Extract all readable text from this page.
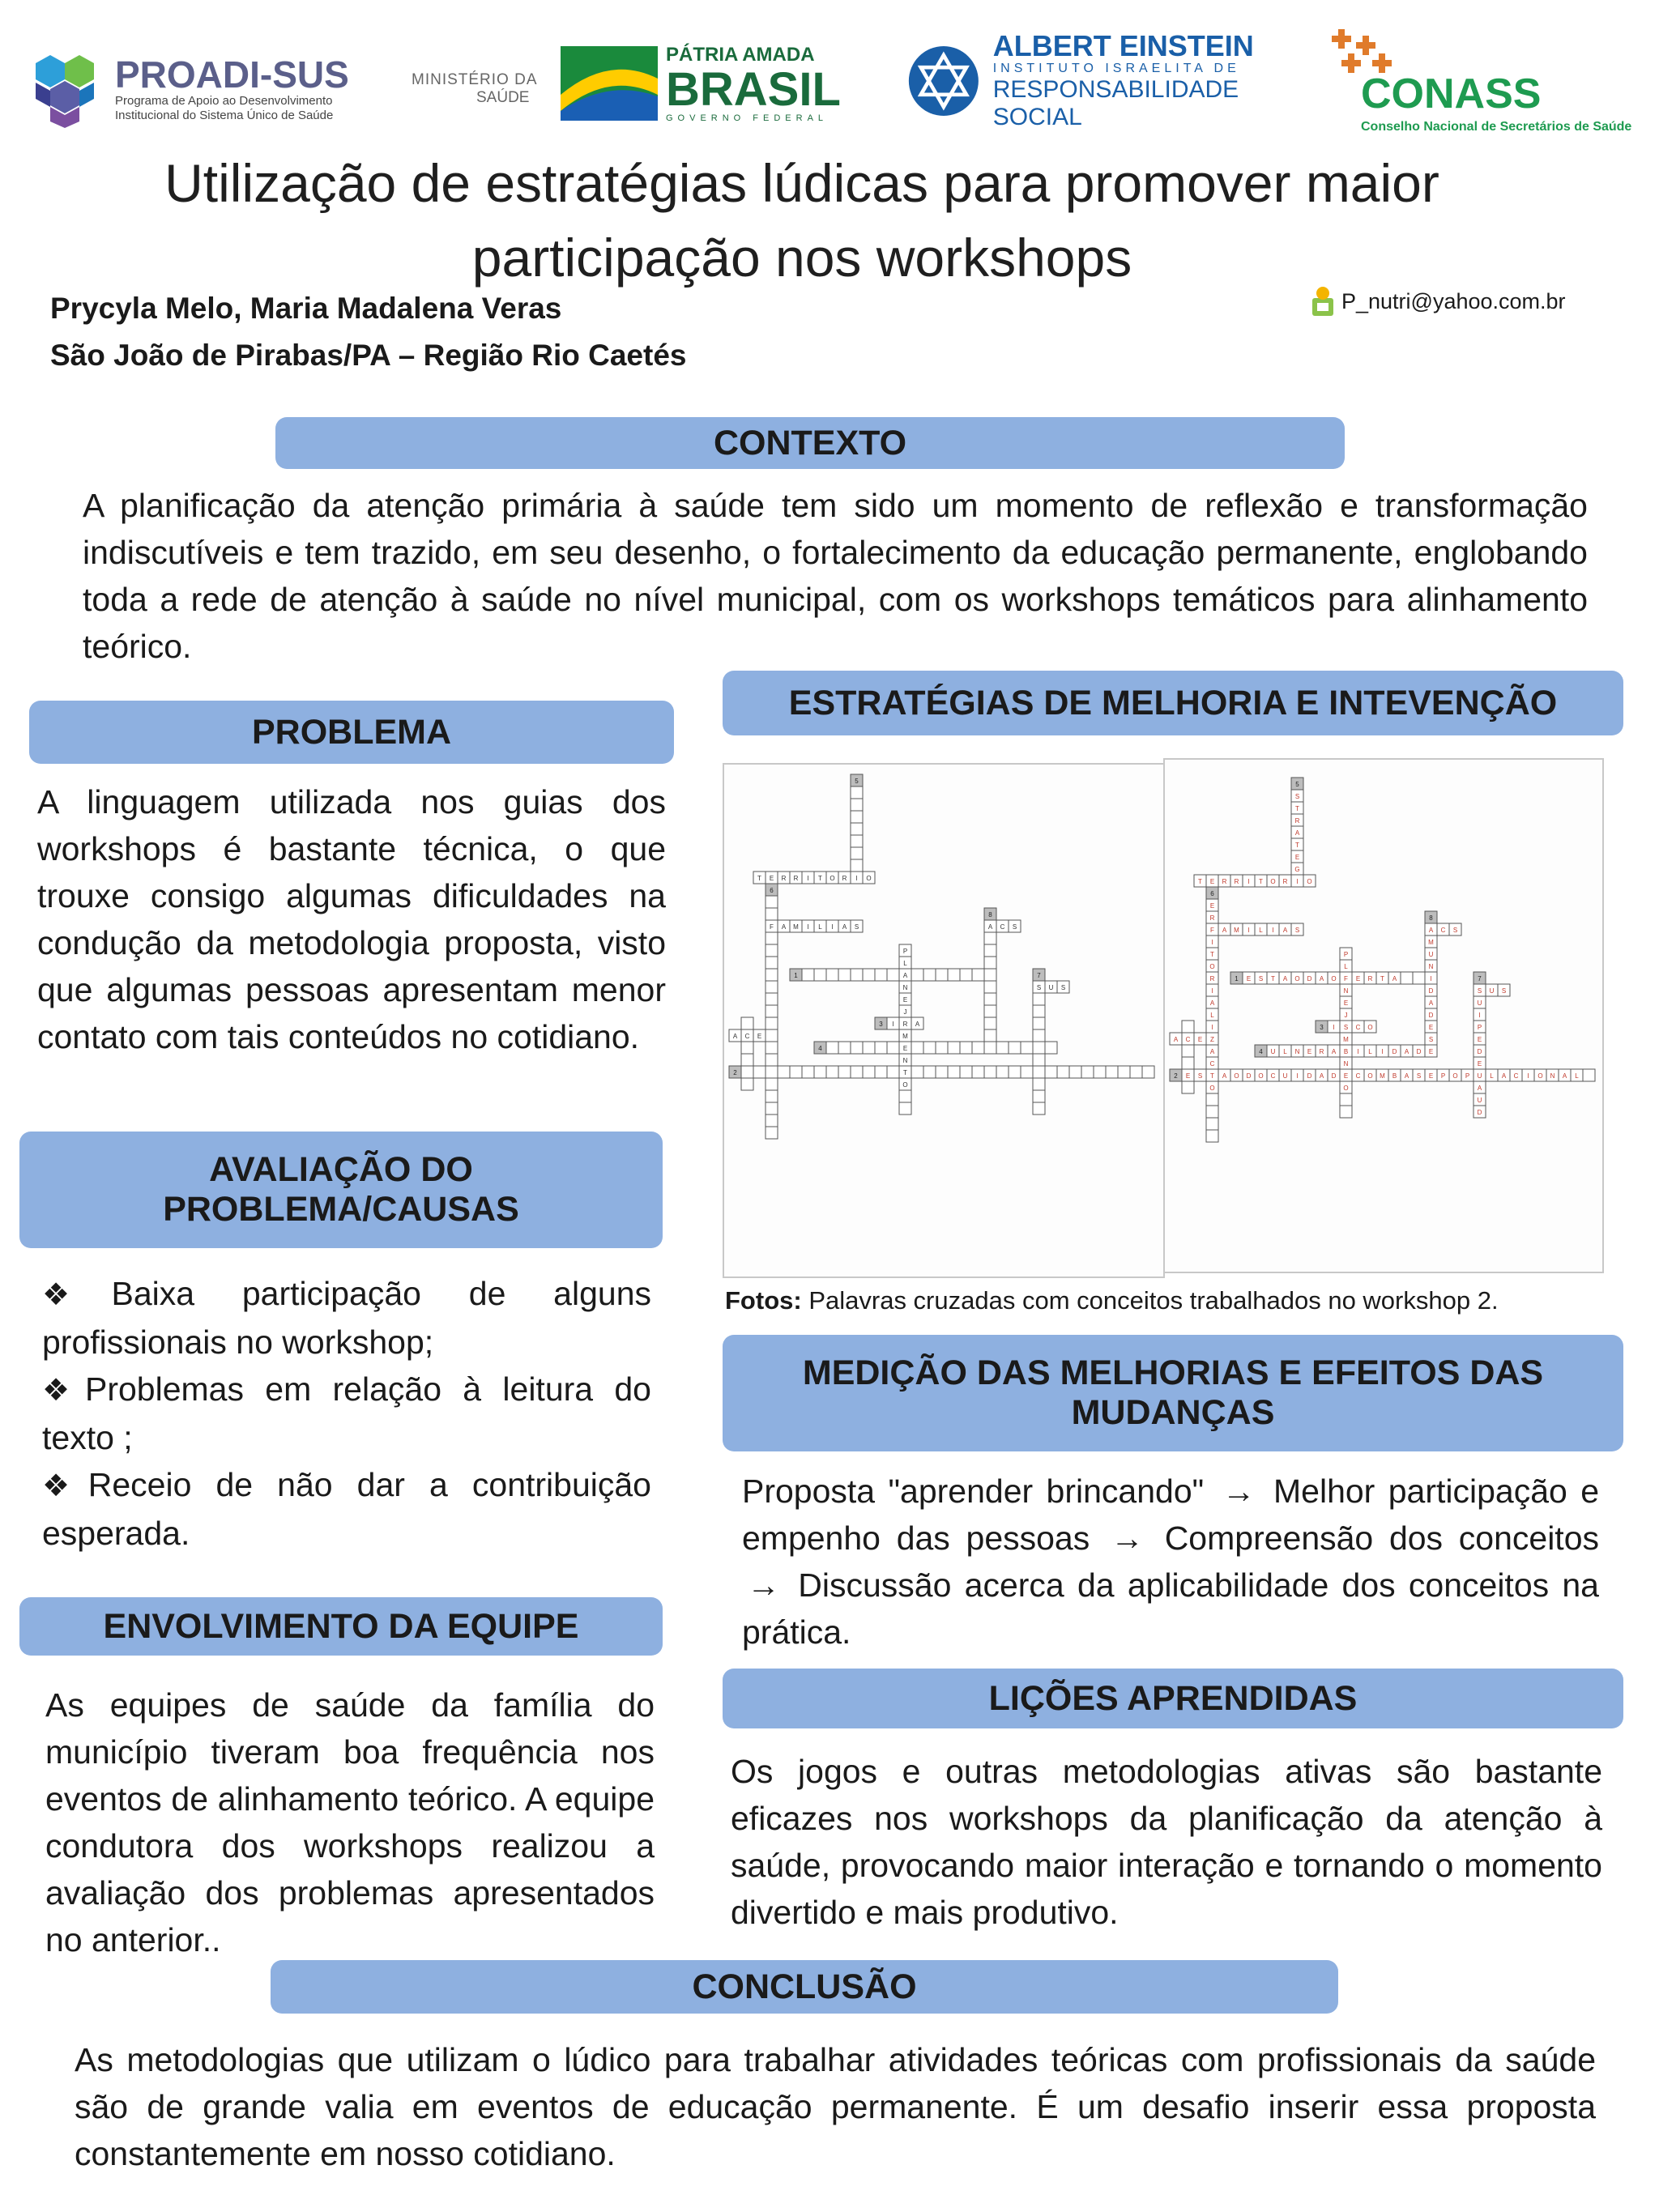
PROADI-SUS
Programa de Apoio ao Desenvolvimento
Institucional do Sistema Único de Saúde
MINISTÉRIO DA
SAÚDE
PÁTRIA AMADA
BRASIL
GOVERNO FEDERAL
ALBERT EINSTEIN
INSTITUTO ISRAELITA DE
RESPONSABILIDADE SOCIAL	CONASS
Conselho Nacional de Secretários de Saúde
Utilização de estratégias lúdicas para promover maior
participação nos workshops
Prycyla Melo, Maria Madalena Veras
São João de Pirabas/PA – Região Rio Caetés
P_nutri@yahoo.com.br
CONTEXTO
A planificação da atenção primária à saúde tem sido um momento de reflexão e transformação indiscutíveis e tem trazido, em seu desenho, o fortalecimento da educação permanente, englobando toda a rede de atenção à saúde no nível municipal, com os workshops temáticos para alinhamento teórico.
PROBLEMA
A linguagem utilizada nos guias dos workshops é bastante técnica, o que trouxe consigo algumas dificuldades na condução da metodologia proposta, visto que algumas pessoas apresentam menor contato com tais conteúdos no cotidiano.
AVALIAÇÃO DO
PROBLEMA/CAUSAS
❖Baixa participação de alguns profissionais no workshop;
❖Problemas em relação à leitura do texto ;
❖Receio de não dar a contribuição esperada.
ENVOLVIMENTO DA EQUIPE
As equipes de saúde da família do município tiveram boa frequência nos eventos de alinhamento teórico. A equipe condutora dos workshops realizou a avaliação dos problemas apresentados no anterior..
ESTRATÉGIAS DE MELHORIA E INTEVENÇÃO
T E R R I T O R I O
F A M I L I A S	A C S
1	A
S U S
3 I R A
A C E
4	E
2	T
5
6
8
P
L
N
E
J
M
N
O
7
T E R R I T O R I O
F A M I L I A S	A C S
1 E S T A O D A O F E R T A	I
S U S
3 I S C O
A C E
4 U L N E R A B I L I D A D E
2 E S T A O D O C U I D A D E C O M B A S E P O P U L A C I O N A L
5
S
T
R
A
T
E
G
6
E
R
I
T
O
R
I
A
L
I
Z
A
C
O
8
M
U
N
D
A
D
E
S
P
L
N
E
J
M
N
O
7
U
I
P
E
D
E
A
U
D
Fotos: Palavras cruzadas com conceitos trabalhados no workshop 2.
MEDIÇÃO DAS MELHORIAS E EFEITOS DAS
MUDANÇAS
Proposta "aprender brincando" → Melhor participação e empenho das pessoas → Compreensão dos conceitos → Discussão acerca da aplicabilidade dos conceitos na prática.
LIÇÕES APRENDIDAS
Os jogos e outras metodologias ativas são bastante eficazes nos workshops da planificação da atenção à saúde, provocando maior interação e tornando o momento divertido e mais produtivo.
CONCLUSÃO
As metodologias que utilizam o lúdico para trabalhar atividades teóricas com profissionais da saúde são de grande valia em eventos de educação permanente. É um desafio inserir essa proposta constantemente em nosso cotidiano.
